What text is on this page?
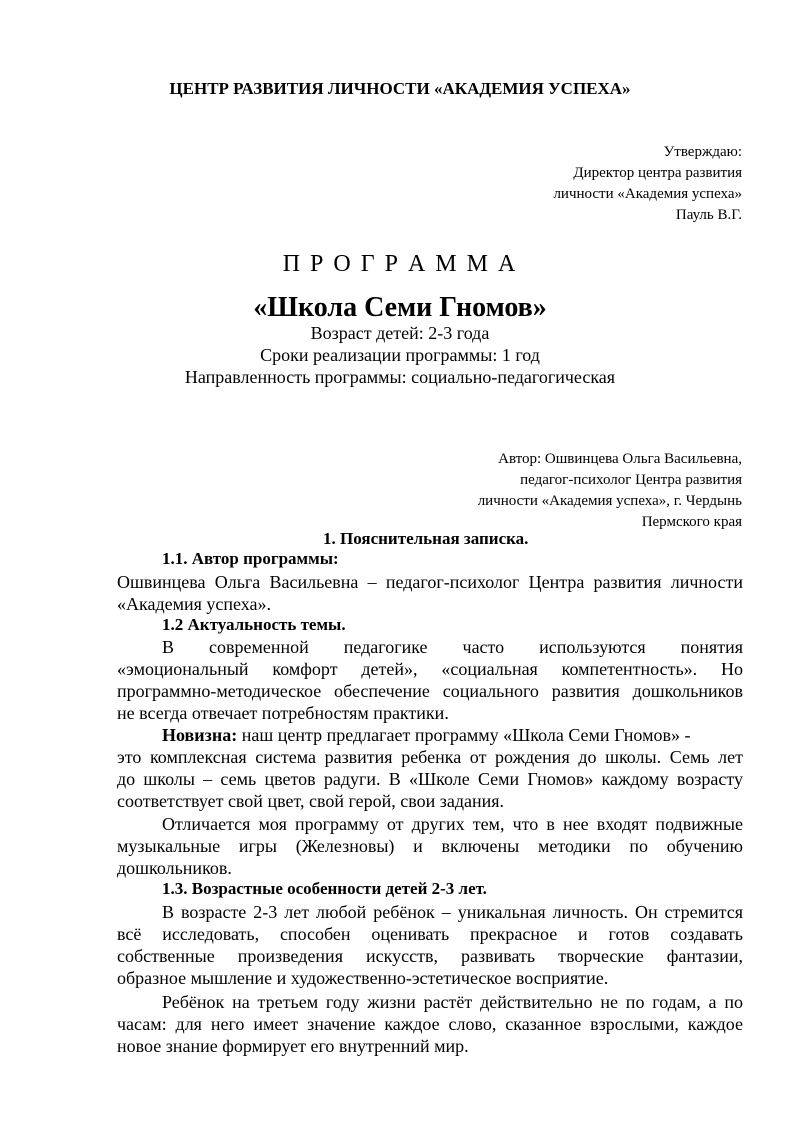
ЦЕНТР РАЗВИТИЯ ЛИЧНОСТИ «АКАДЕМИЯ УСПЕХА»
Утверждаю:
Директор центра развития
личности «Академия успеха»
Пауль В.Г.
П Р О Г Р А М М А
«Школа Семи Гномов»
Возраст детей: 2-3 года
Сроки реализации программы: 1 год
Направленность программы: социально-педагогическая
Автор: Ошвинцева Ольга Васильевна,
педагог-психолог Центра развития
личности «Академия успеха», г. Чердынь
Пермского края
1. Пояснительная записка.
1.1. Автор программы:
Ошвинцева Ольга Васильевна – педагог-психолог Центра развития личности
«Академия успеха».
1.2 Актуальность темы.
В современной педагогике часто используются понятия
«эмоциональный комфорт детей», «социальная компетентность». Но
программно-методическое обеспечение социального развития дошкольников
не всегда отвечает потребностям практики.
Новизна: наш центр предлагает программу «Школа Семи Гномов» -
это комплексная система развития ребенка от рождения до школы. Семь лет
до школы – семь цветов радуги. В «Школе Семи Гномов» каждому возрасту
соответствует свой цвет, свой герой, свои задания.
Отличается моя программу от других тем, что в нее входят подвижные
музыкальные игры (Железновы) и включены методики по обучению
дошкольников.
1.3. Возрастные особенности детей 2-3 лет.
В возрасте 2-3 лет любой ребёнок – уникальная личность. Он стремится
всё исследовать, способен оценивать прекрасное и готов создавать
собственные произведения искусств, развивать творческие фантазии,
образное мышление и художественно-эстетическое восприятие.
Ребёнок на третьем году жизни растёт действительно не по годам, а по
часам: для него имеет значение каждое слово, сказанное взрослыми, каждое
новое знание формирует его внутренний мир.
